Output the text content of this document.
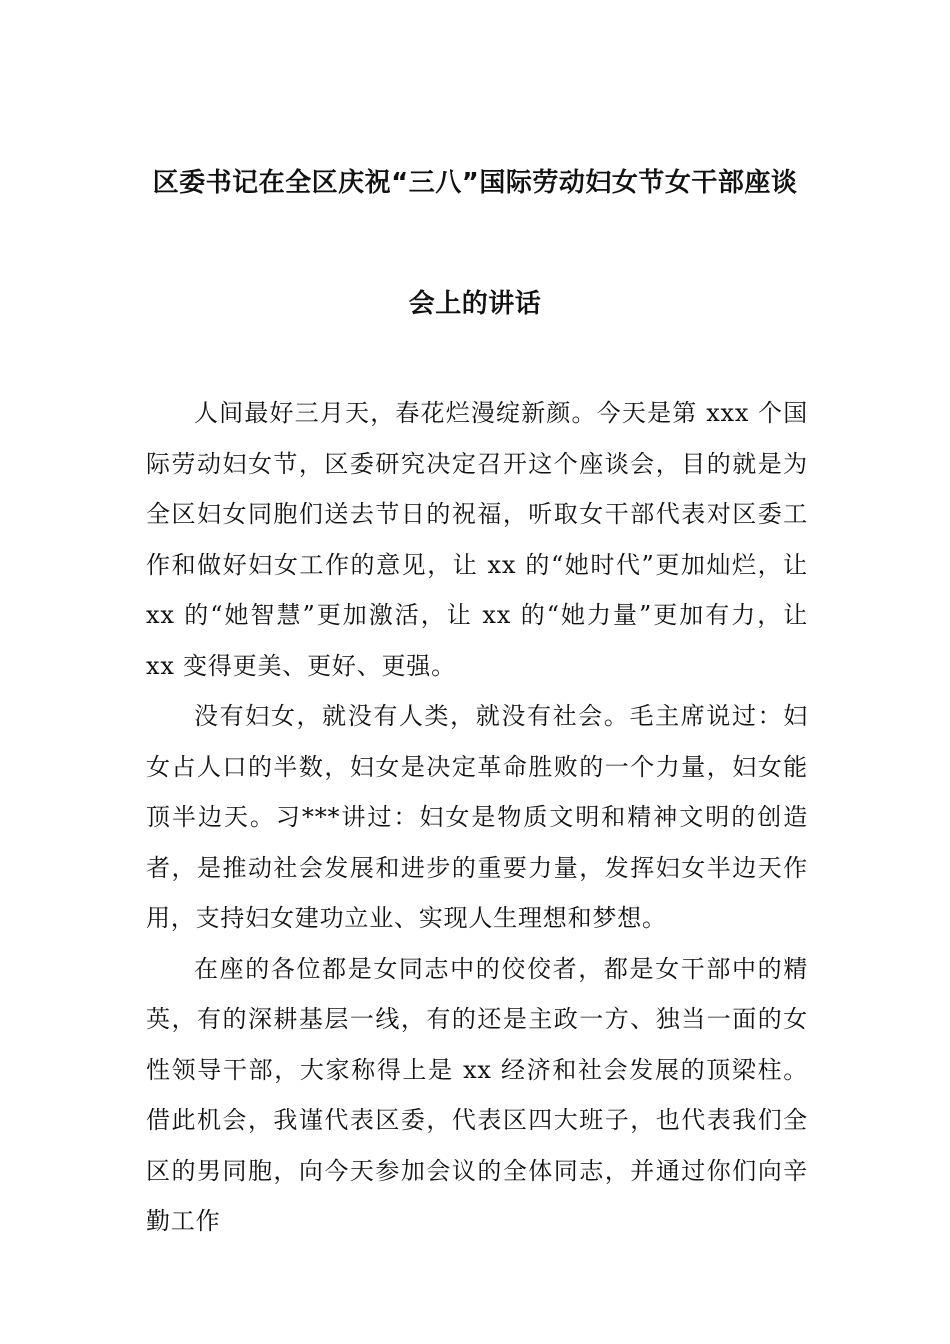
区委书记在全区庆祝“三八”国际劳动妇女节女干部座谈
会上的讲话

人间最好三月天，春花烂漫绽新颜。今天是第 xxx 个国际劳动妇女节，区委研究决定召开这个座谈会，目的就是为全区妇女同胞们送去节日的祝福，听取女干部代表对区委工作和做好妇女工作的意见，让 xx 的“她时代”更加灿烂，让 xx 的“她智慧”更加激活，让 xx 的“她力量”更加有力，让 xx 变得更美、更好、更强。

没有妇女，就没有人类，就没有社会。毛主席说过：妇女占人口的半数，妇女是决定革命胜败的一个力量，妇女能顶半边天。习***讲过：妇女是物质文明和精神文明的创造者，是推动社会发展和进步的重要力量，发挥妇女半边天作用，支持妇女建功立业、实现人生理想和梦想。

在座的各位都是女同志中的佼佼者，都是女干部中的精英，有的深耕基层一线，有的还是主政一方、独当一面的女性领导干部，大家称得上是 xx 经济和社会发展的顶梁柱。借此机会，我谨代表区委，代表区四大班子，也代表我们全区的男同胞，向今天参加会议的全体同志，并通过你们向辛勤工作
